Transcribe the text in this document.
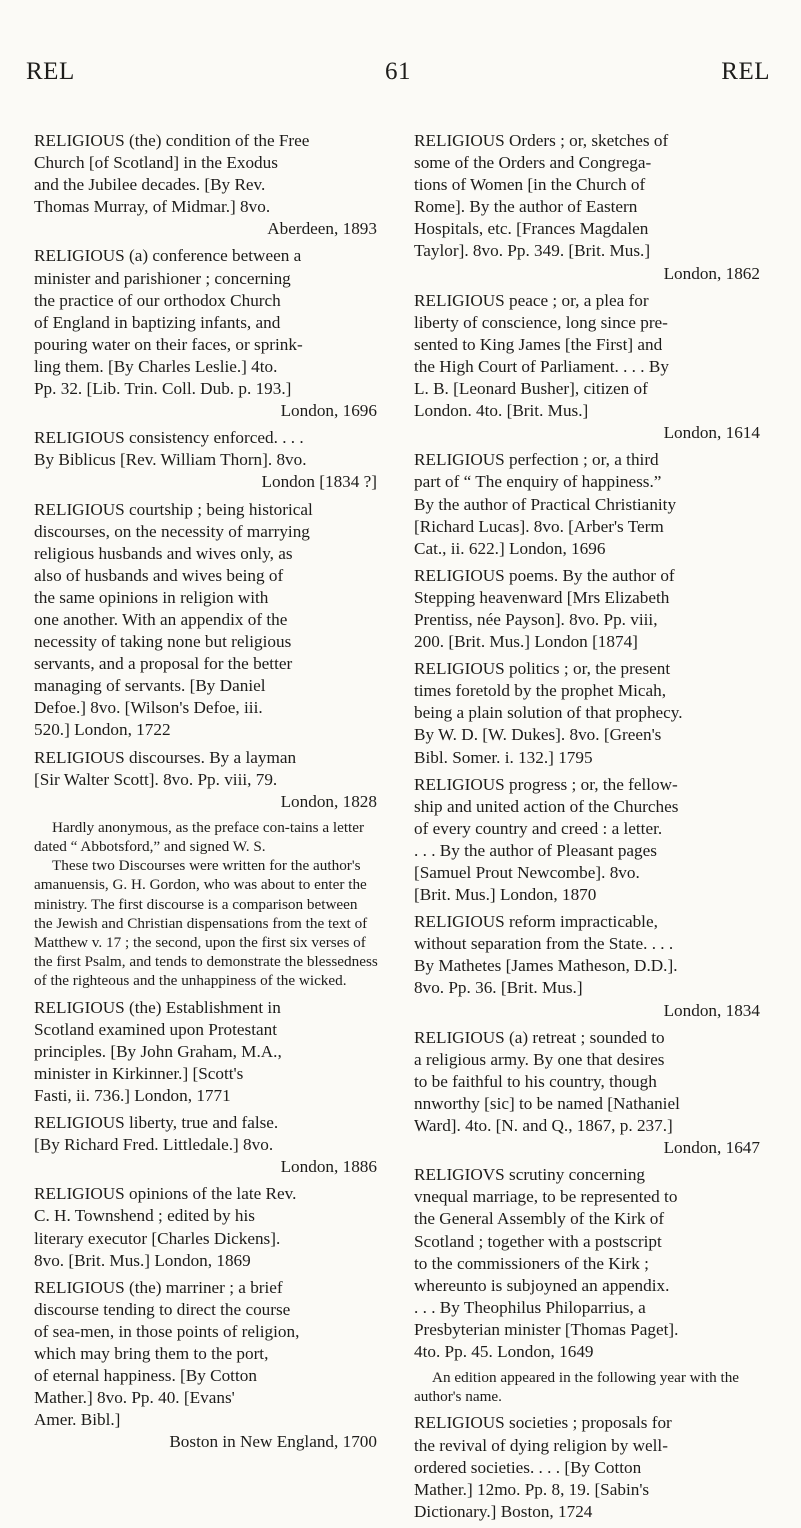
REL	61	REL
RELIGIOUS (the) condition of the Free
Church [of Scotland] in the Exodus
and the Jubilee decades. [By Rev.
Thomas Murray, of Midmar.] 8vo.
Aberdeen, 1893
RELIGIOUS (a) conference between a
minister and parishioner ; concerning
the practice of our orthodox Church
of England in baptizing infants, and
pouring water on their faces, or sprink-
ling them. [By Charles Leslie.] 4to.
Pp. 32. [Lib. Trin. Coll. Dub. p. 193.]
London, 1696
RELIGIOUS consistency enforced. . . .
By Biblicus [Rev. William Thorn]. 8vo.
London [1834 ?]
RELIGIOUS courtship ; being historical
discourses, on the necessity of marrying
religious husbands and wives only, as
also of husbands and wives being of
the same opinions in religion with
one another. With an appendix of the
necessity of taking none but religious
servants, and a proposal for the better
managing of servants. [By Daniel
Defoe.] 8vo. [Wilson's Defoe, iii.
520.] London, 1722
RELIGIOUS discourses. By a layman
[Sir Walter Scott]. 8vo. Pp. viii, 79.
London, 1828
Hardly anonymous, as the preface con-tains a letter dated “ Abbotsford,” and signed W. S.
These two Discourses were written for the author's amanuensis, G. H. Gordon, who was about to enter the ministry. The first discourse is a comparison between the Jewish and Christian dispensations from the text of Matthew v. 17 ; the second, upon the first six verses of the first Psalm, and tends to demonstrate the blessedness of the righteous and the unhappiness of the wicked.
RELIGIOUS (the) Establishment in
Scotland examined upon Protestant
principles. [By John Graham, M.A.,
minister in Kirkinner.] [Scott's
Fasti, ii. 736.] London, 1771
RELIGIOUS liberty, true and false.
[By Richard Fred. Littledale.] 8vo.
London, 1886
RELIGIOUS opinions of the late Rev.
C. H. Townshend ; edited by his
literary executor [Charles Dickens].
8vo. [Brit. Mus.] London, 1869
RELIGIOUS (the) marriner ; a brief
discourse tending to direct the course
of sea-men, in those points of religion,
which may bring them to the port,
of eternal happiness. [By Cotton
Mather.] 8vo. Pp. 40. [Evans'
Amer. Bibl.]
Boston in New England, 1700
RELIGIOUS Orders ; or, sketches of
some of the Orders and Congrega-
tions of Women [in the Church of
Rome]. By the author of Eastern
Hospitals, etc. [Frances Magdalen
Taylor]. 8vo. Pp. 349. [Brit. Mus.]
London, 1862
RELIGIOUS peace ; or, a plea for
liberty of conscience, long since pre-
sented to King James [the First] and
the High Court of Parliament. . . . By
L. B. [Leonard Busher], citizen of
London. 4to. [Brit. Mus.]
London, 1614
RELIGIOUS perfection ; or, a third
part of “ The enquiry of happiness.”
By the author of Practical Christianity
[Richard Lucas]. 8vo. [Arber's Term
Cat., ii. 622.] London, 1696
RELIGIOUS poems. By the author of
Stepping heavenward [Mrs Elizabeth
Prentiss, née Payson]. 8vo. Pp. viii,
200. [Brit. Mus.] London [1874]
RELIGIOUS politics ; or, the present
times foretold by the prophet Micah,
being a plain solution of that prophecy.
By W. D. [W. Dukes]. 8vo. [Green's
Bibl. Somer. i. 132.] 1795
RELIGIOUS progress ; or, the fellow-
ship and united action of the Churches
of every country and creed : a letter.
. . . By the author of Pleasant pages
[Samuel Prout Newcombe]. 8vo.
[Brit. Mus.] London, 1870
RELIGIOUS reform impracticable,
without separation from the State. . . .
By Mathetes [James Matheson, D.D.].
8vo. Pp. 36. [Brit. Mus.]
London, 1834
RELIGIOUS (a) retreat ; sounded to
a religious army. By one that desires
to be faithful to his country, though
nnworthy [sic] to be named [Nathaniel
Ward]. 4to. [N. and Q., 1867, p. 237.]
London, 1647
RELIGIOVS scrutiny concerning
vnequal marriage, to be represented to
the General Assembly of the Kirk of
Scotland ; together with a postscript
to the commissioners of the Kirk ;
whereunto is subjoyned an appendix.
. . . By Theophilus Philoparrius, a
Presbyterian minister [Thomas Paget].
4to. Pp. 45. London, 1649
An edition appeared in the following year with the author's name.
RELIGIOUS societies ; proposals for
the revival of dying religion by well-
ordered societies. . . . [By Cotton
Mather.] 12mo. Pp. 8, 19. [Sabin's
Dictionary.] Boston, 1724
